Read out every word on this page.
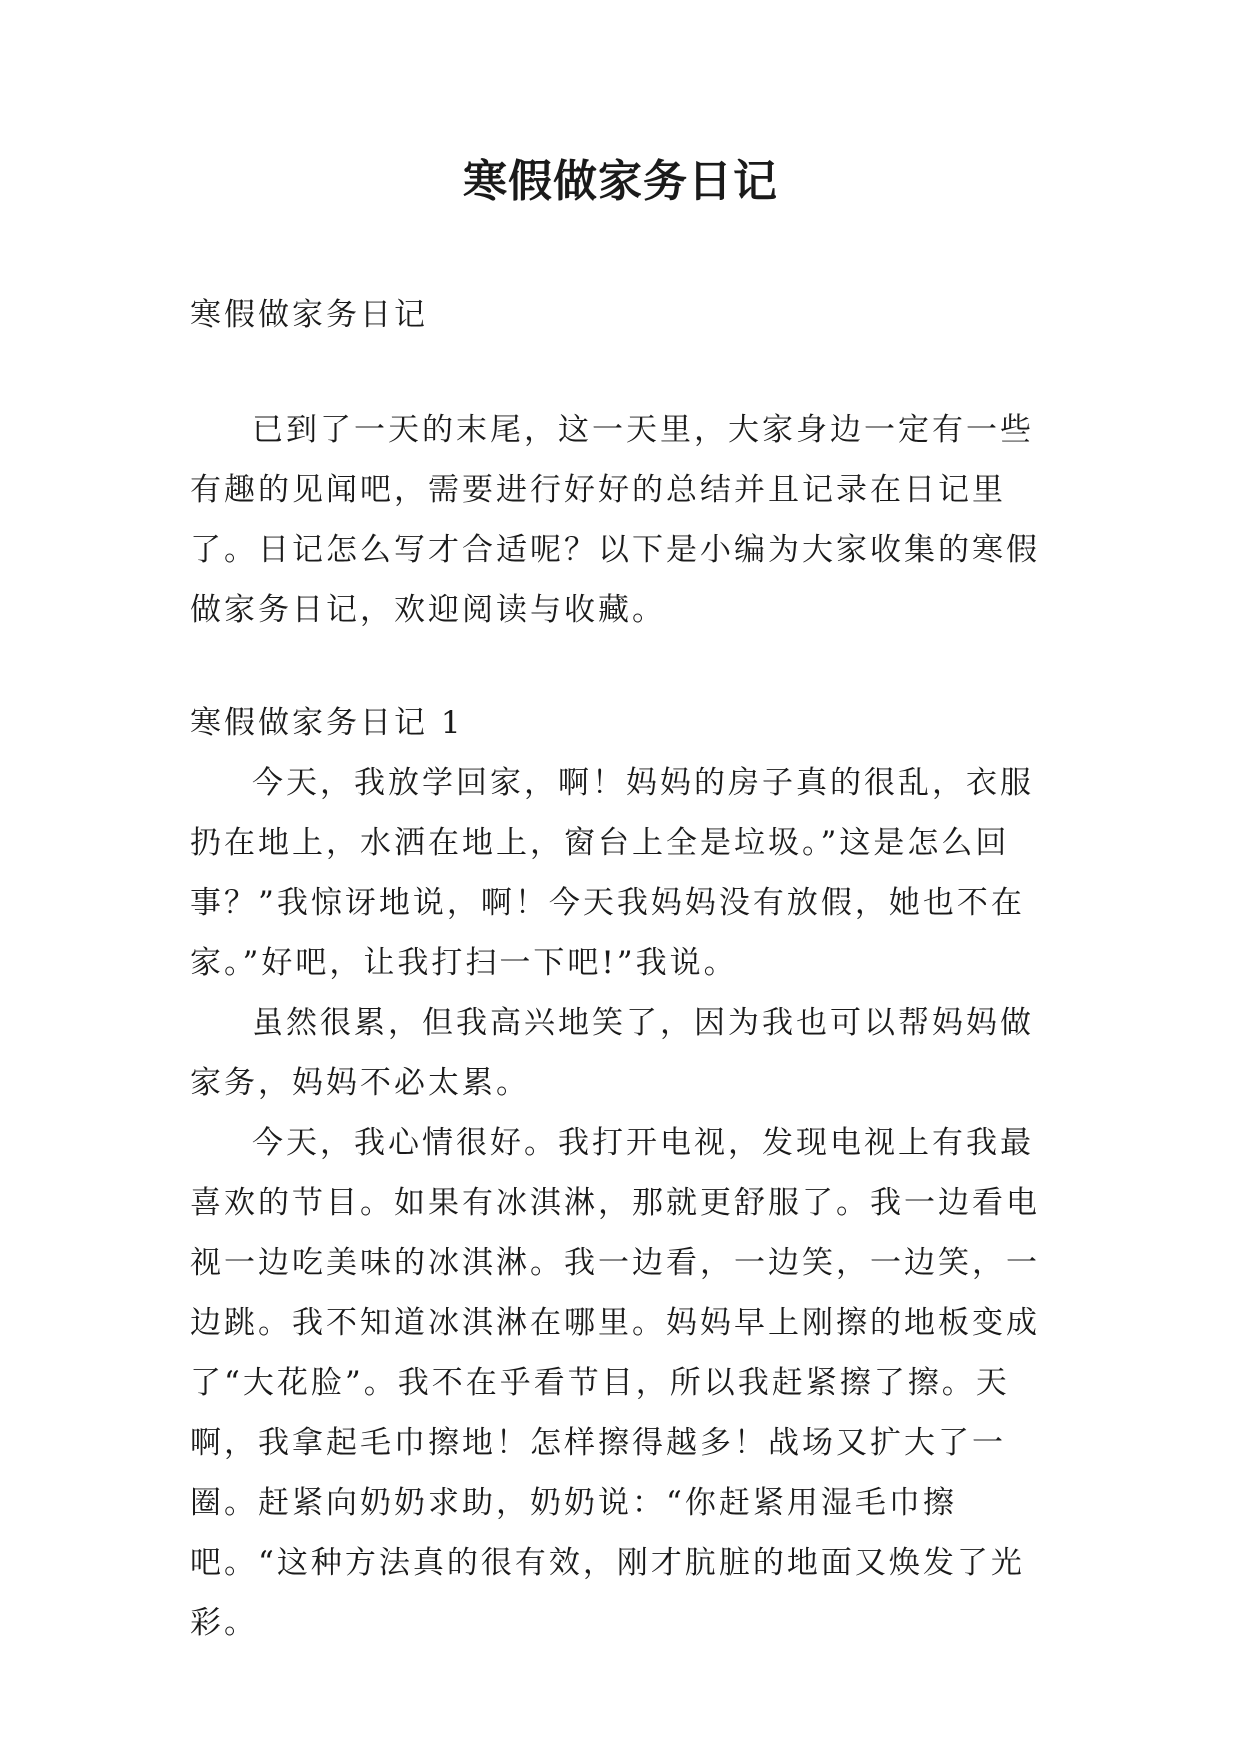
寒假做家务日记

寒假做家务日记

已到了一天的末尾，这一天里，大家身边一定有一些有趣的见闻吧，需要进行好好的总结并且记录在日记里了。日记怎么写才合适呢？以下是小编为大家收集的寒假做家务日记，欢迎阅读与收藏。

寒假做家务日记 1

今天，我放学回家，啊！妈妈的房子真的很乱，衣服扔在地上，水洒在地上，窗台上全是垃圾。”这是怎么回事？”我惊讶地说，啊！今天我妈妈没有放假，她也不在家。”好吧，让我打扫一下吧!”我说。

虽然很累，但我高兴地笑了，因为我也可以帮妈妈做家务，妈妈不必太累。

今天，我心情很好。我打开电视，发现电视上有我最喜欢的节目。如果有冰淇淋，那就更舒服了。我一边看电视一边吃美味的冰淇淋。我一边看，一边笑，一边笑，一边跳。我不知道冰淇淋在哪里。妈妈早上刚擦的地板变成了“大花脸”。我不在乎看节目，所以我赶紧擦了擦。天啊，我拿起毛巾擦地！怎样擦得越多！战场又扩大了一圈。赶紧向奶奶求助，奶奶说：“你赶紧用湿毛巾擦吧。“这种方法真的很有效，刚才肮脏的地面又焕发了光彩。
